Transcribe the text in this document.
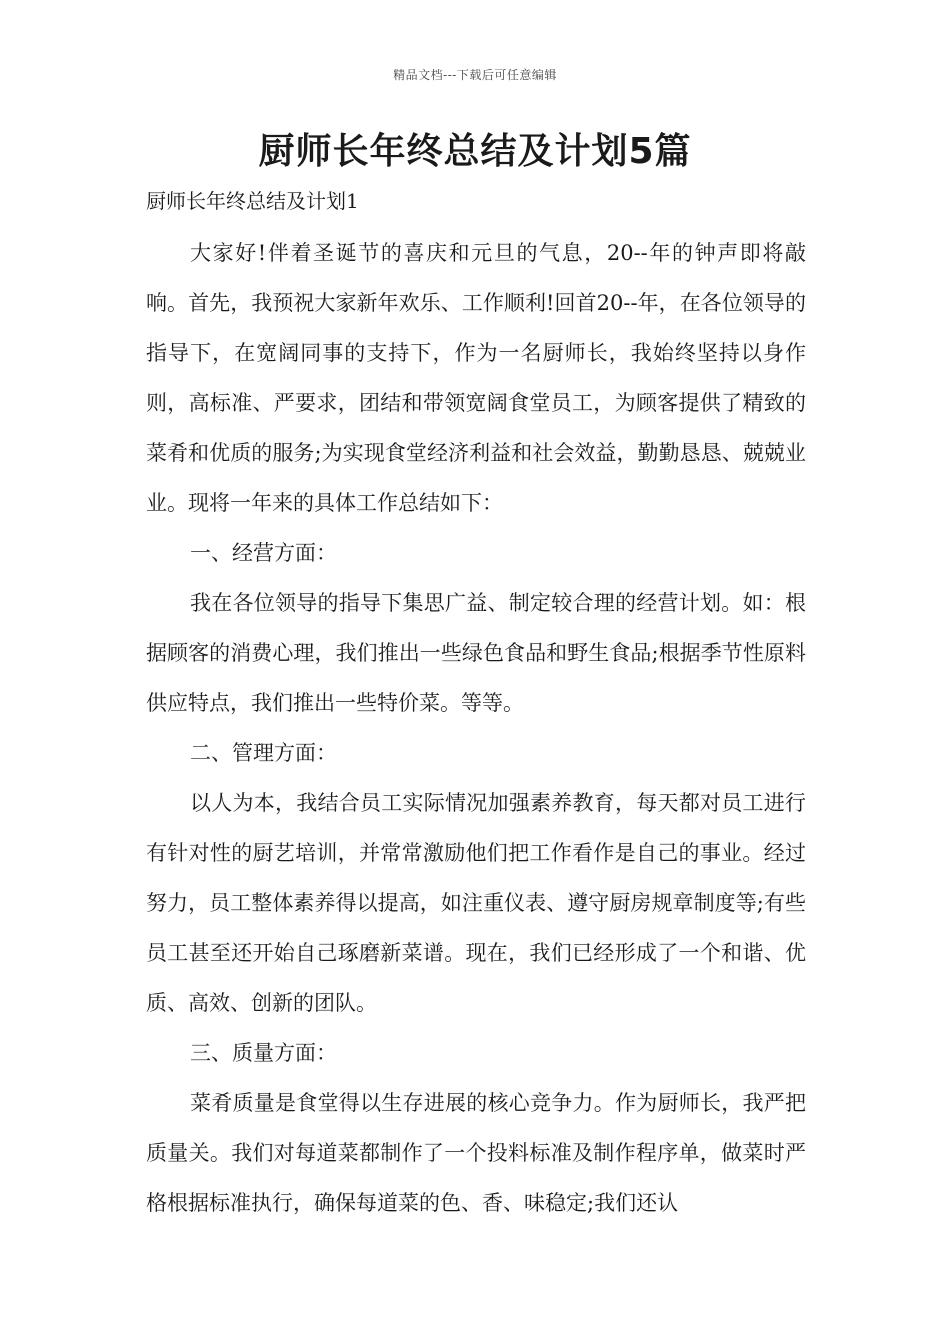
精品文档---下载后可任意编辑
厨师长年终总结及计划5篇

厨师长年终总结及计划1

大家好!伴着圣诞节的喜庆和元旦的气息，20--年的钟声即将敲响。首先，我预祝大家新年欢乐、工作顺利!回首20--年，在各位领导的指导下，在宽阔同事的支持下，作为一名厨师长，我始终坚持以身作则，高标准、严要求，团结和带领宽阔食堂员工，为顾客提供了精致的菜肴和优质的服务;为实现食堂经济利益和社会效益，勤勤恳恳、兢兢业业。现将一年来的具体工作总结如下：

一、经营方面：

我在各位领导的指导下集思广益、制定较合理的经营计划。如：根据顾客的消费心理，我们推出一些绿色食品和野生食品;根据季节性原料供应特点，我们推出一些特价菜。等等。

二、管理方面：

以人为本，我结合员工实际情况加强素养教育，每天都对员工进行有针对性的厨艺培训，并常常激励他们把工作看作是自己的事业。经过努力，员工整体素养得以提高，如注重仪表、遵守厨房规章制度等;有些员工甚至还开始自己琢磨新菜谱。现在，我们已经形成了一个和谐、优质、高效、创新的团队。

三、质量方面：

菜肴质量是食堂得以生存进展的核心竞争力。作为厨师长，我严把质量关。我们对每道菜都制作了一个投料标准及制作程序单，做菜时严格根据标准执行，确保每道菜的色、香、味稳定;我们还认
